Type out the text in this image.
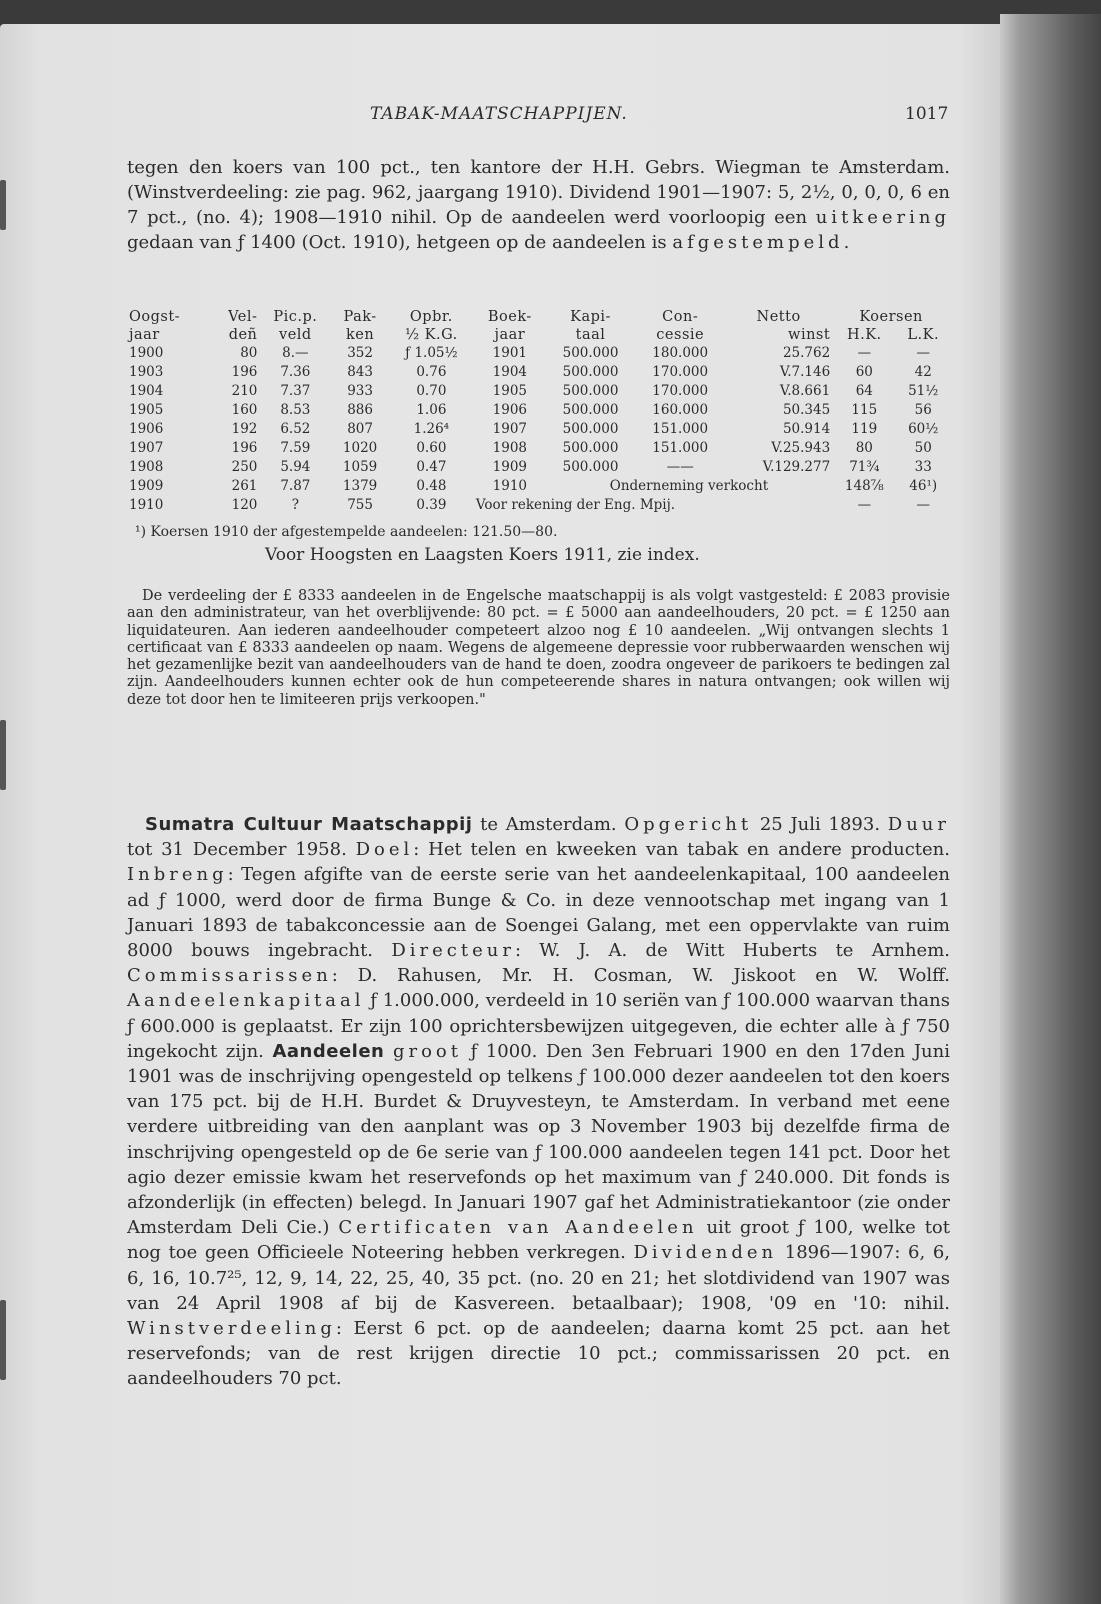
TABAK-MAATSCHAPPIJEN.	1017

tegen den koers van 100 pct., ten kantore der H.H. Gebrs. Wiegman te Amsterdam. (Winstverdeeling: zie pag. 962, jaargang 1910). Dividend 1901—1907: 5, 2½, 0, 0, 0, 6 en 7 pct., (no. 4); 1908—1910 nihil. Op de aandeelen werd voorloopig een uitkeering gedaan van ƒ 1400 (Oct. 1910), hetgeen op de aandeelen is afgestempeld.

Oogst-	Vel-	Pic.p.	Pak-	Opbr.	Boek-	Kapi-	Con-	Netto	Koersen	
jaar	deñ	veld	ken	½ K.G.	jaar	taal	cessie	winst	H.K.	L.K.
1900	80	8.—	352	ƒ 1.05½	1901	500.000	180.000	25.762	—	—
1903	196	7.36	843	0.76	1904	500.000	170.000	V.7.146	60	42
1904	210	7.37	933	0.70	1905	500.000	170.000	V.8.661	64	51½
1905	160	8.53	886	1.06	1906	500.000	160.000	50.345	115	56
1906	192	6.52	807	1.26⁴	1907	500.000	151.000	50.914	119	60½
1907	196	7.59	1020	0.60	1908	500.000	151.000	V.25.943	80	50
1908	250	5.94	1059	0.47	1909	500.000	——	V.129.277	71¾	33
1909	261	7.87	1379	0.48	1910	Onderneming verkocht			148⅞	46¹)
1910	120	?	755	0.39	Voor rekening der Eng. Mpij.				—	—
¹) Koersen 1910 der afgestempelde aandeelen: 121.50—80.
Voor Hoogsten en Laagsten Koers 1911, zie index.

De verdeeling der £ 8333 aandeelen in de Engelsche maatschappij is als volgt vastgesteld: £ 2083 provisie aan den administrateur, van het overblijvende: 80 pct. = £ 5000 aan aandeelhouders, 20 pct. = £ 1250 aan liquidateuren. Aan iederen aandeelhouder competeert alzoo nog £ 10 aandeelen. „Wij ontvangen slechts 1 certificaat van £ 8333 aandeelen op naam. Wegens de algemeene depressie voor rubberwaarden wenschen wij het gezamenlijke bezit van aandeelhouders van de hand te doen, zoodra ongeveer de parikoers te bedingen zal zijn. Aandeelhouders kunnen echter ook de hun competeerende shares in natura ontvangen; ook willen wij deze tot door hen te limiteeren prijs verkoopen."

Sumatra Cultuur Maatschappij te Amsterdam. Opgericht 25 Juli 1893. Duur tot 31 December 1958. Doel: Het telen en kweeken van tabak en andere producten. Inbreng: Tegen afgifte van de eerste serie van het aandeelenkapitaal, 100 aandeelen ad ƒ 1000, werd door de firma Bunge & Co. in deze vennootschap met ingang van 1 Januari 1893 de tabakconcessie aan de Soengei Galang, met een oppervlakte van ruim 8000 bouws ingebracht. Directeur: W. J. A. de Witt Huberts te Arnhem. Commissarissen: D. Rahusen, Mr. H. Cosman, W. Jiskoot en W. Wolff. Aandeelenkapitaal ƒ 1.000.000, verdeeld in 10 seriën van ƒ 100.000 waarvan thans ƒ 600.000 is geplaatst. Er zijn 100 oprichtersbewijzen uitgegeven, die echter alle à ƒ 750 ingekocht zijn. Aandeelen groot ƒ 1000. Den 3en Februari 1900 en den 17den Juni 1901 was de inschrijving opengesteld op telkens ƒ 100.000 dezer aandeelen tot den koers van 175 pct. bij de H.H. Burdet & Druyvesteyn, te Amsterdam. In verband met eene verdere uitbreiding van den aanplant was op 3 November 1903 bij dezelfde firma de inschrijving opengesteld op de 6e serie van ƒ 100.000 aandeelen tegen 141 pct. Door het agio dezer emissie kwam het reservefonds op het maximum van ƒ 240.000. Dit fonds is afzonderlijk (in effecten) belegd. In Januari 1907 gaf het Administratiekantoor (zie onder Amsterdam Deli Cie.) Certificaten van Aandeelen uit groot ƒ 100, welke tot nog toe geen Officieele Noteering hebben verkregen. Dividenden 1896—1907: 6, 6, 6, 16, 10.7²⁵, 12, 9, 14, 22, 25, 40, 35 pct. (no. 20 en 21; het slotdividend van 1907 was van 24 April 1908 af bij de Kasvereen. betaalbaar); 1908, '09 en '10: nihil. Winstverdeeling: Eerst 6 pct. op de aandeelen; daarna komt 25 pct. aan het reservefonds; van de rest krijgen directie 10 pct.; commissarissen 20 pct. en aandeelhouders 70 pct.
